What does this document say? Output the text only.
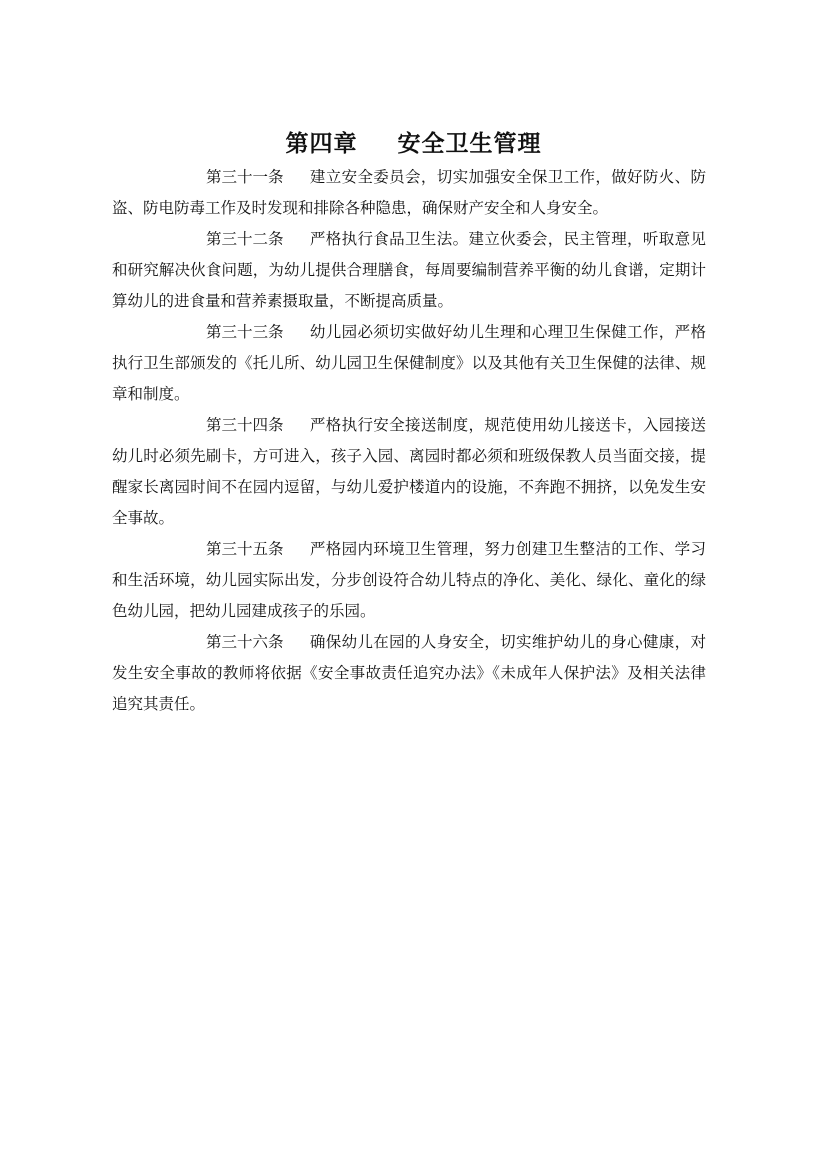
第四章 安全卫生管理

第三十一条 建立安全委员会，切实加强安全保卫工作，做好防火、防盗、防电防毒工作及时发现和排除各种隐患，确保财产安全和人身安全。

第三十二条 严格执行食品卫生法。建立伙委会，民主管理，听取意见和研究解决伙食问题，为幼儿提供合理膳食，每周要编制营养平衡的幼儿食谱，定期计算幼儿的进食量和营养素摄取量，不断提高质量。

第三十三条 幼儿园必须切实做好幼儿生理和心理卫生保健工作，严格执行卫生部颁发的《托儿所、幼儿园卫生保健制度》以及其他有关卫生保健的法律、规章和制度。

第三十四条 严格执行安全接送制度，规范使用幼儿接送卡，入园接送幼儿时必须先刷卡，方可进入，孩子入园、离园时都必须和班级保教人员当面交接，提醒家长离园时间不在园内逗留，与幼儿爱护楼道内的设施，不奔跑不拥挤，以免发生安全事故。

第三十五条 严格园内环境卫生管理，努力创建卫生整洁的工作、学习和生活环境，幼儿园实际出发，分步创设符合幼儿特点的净化、美化、绿化、童化的绿色幼儿园，把幼儿园建成孩子的乐园。

第三十六条 确保幼儿在园的人身安全，切实维护幼儿的身心健康，对发生安全事故的教师将依据《安全事故责任追究办法》《未成年人保护法》及相关法律追究其责任。
